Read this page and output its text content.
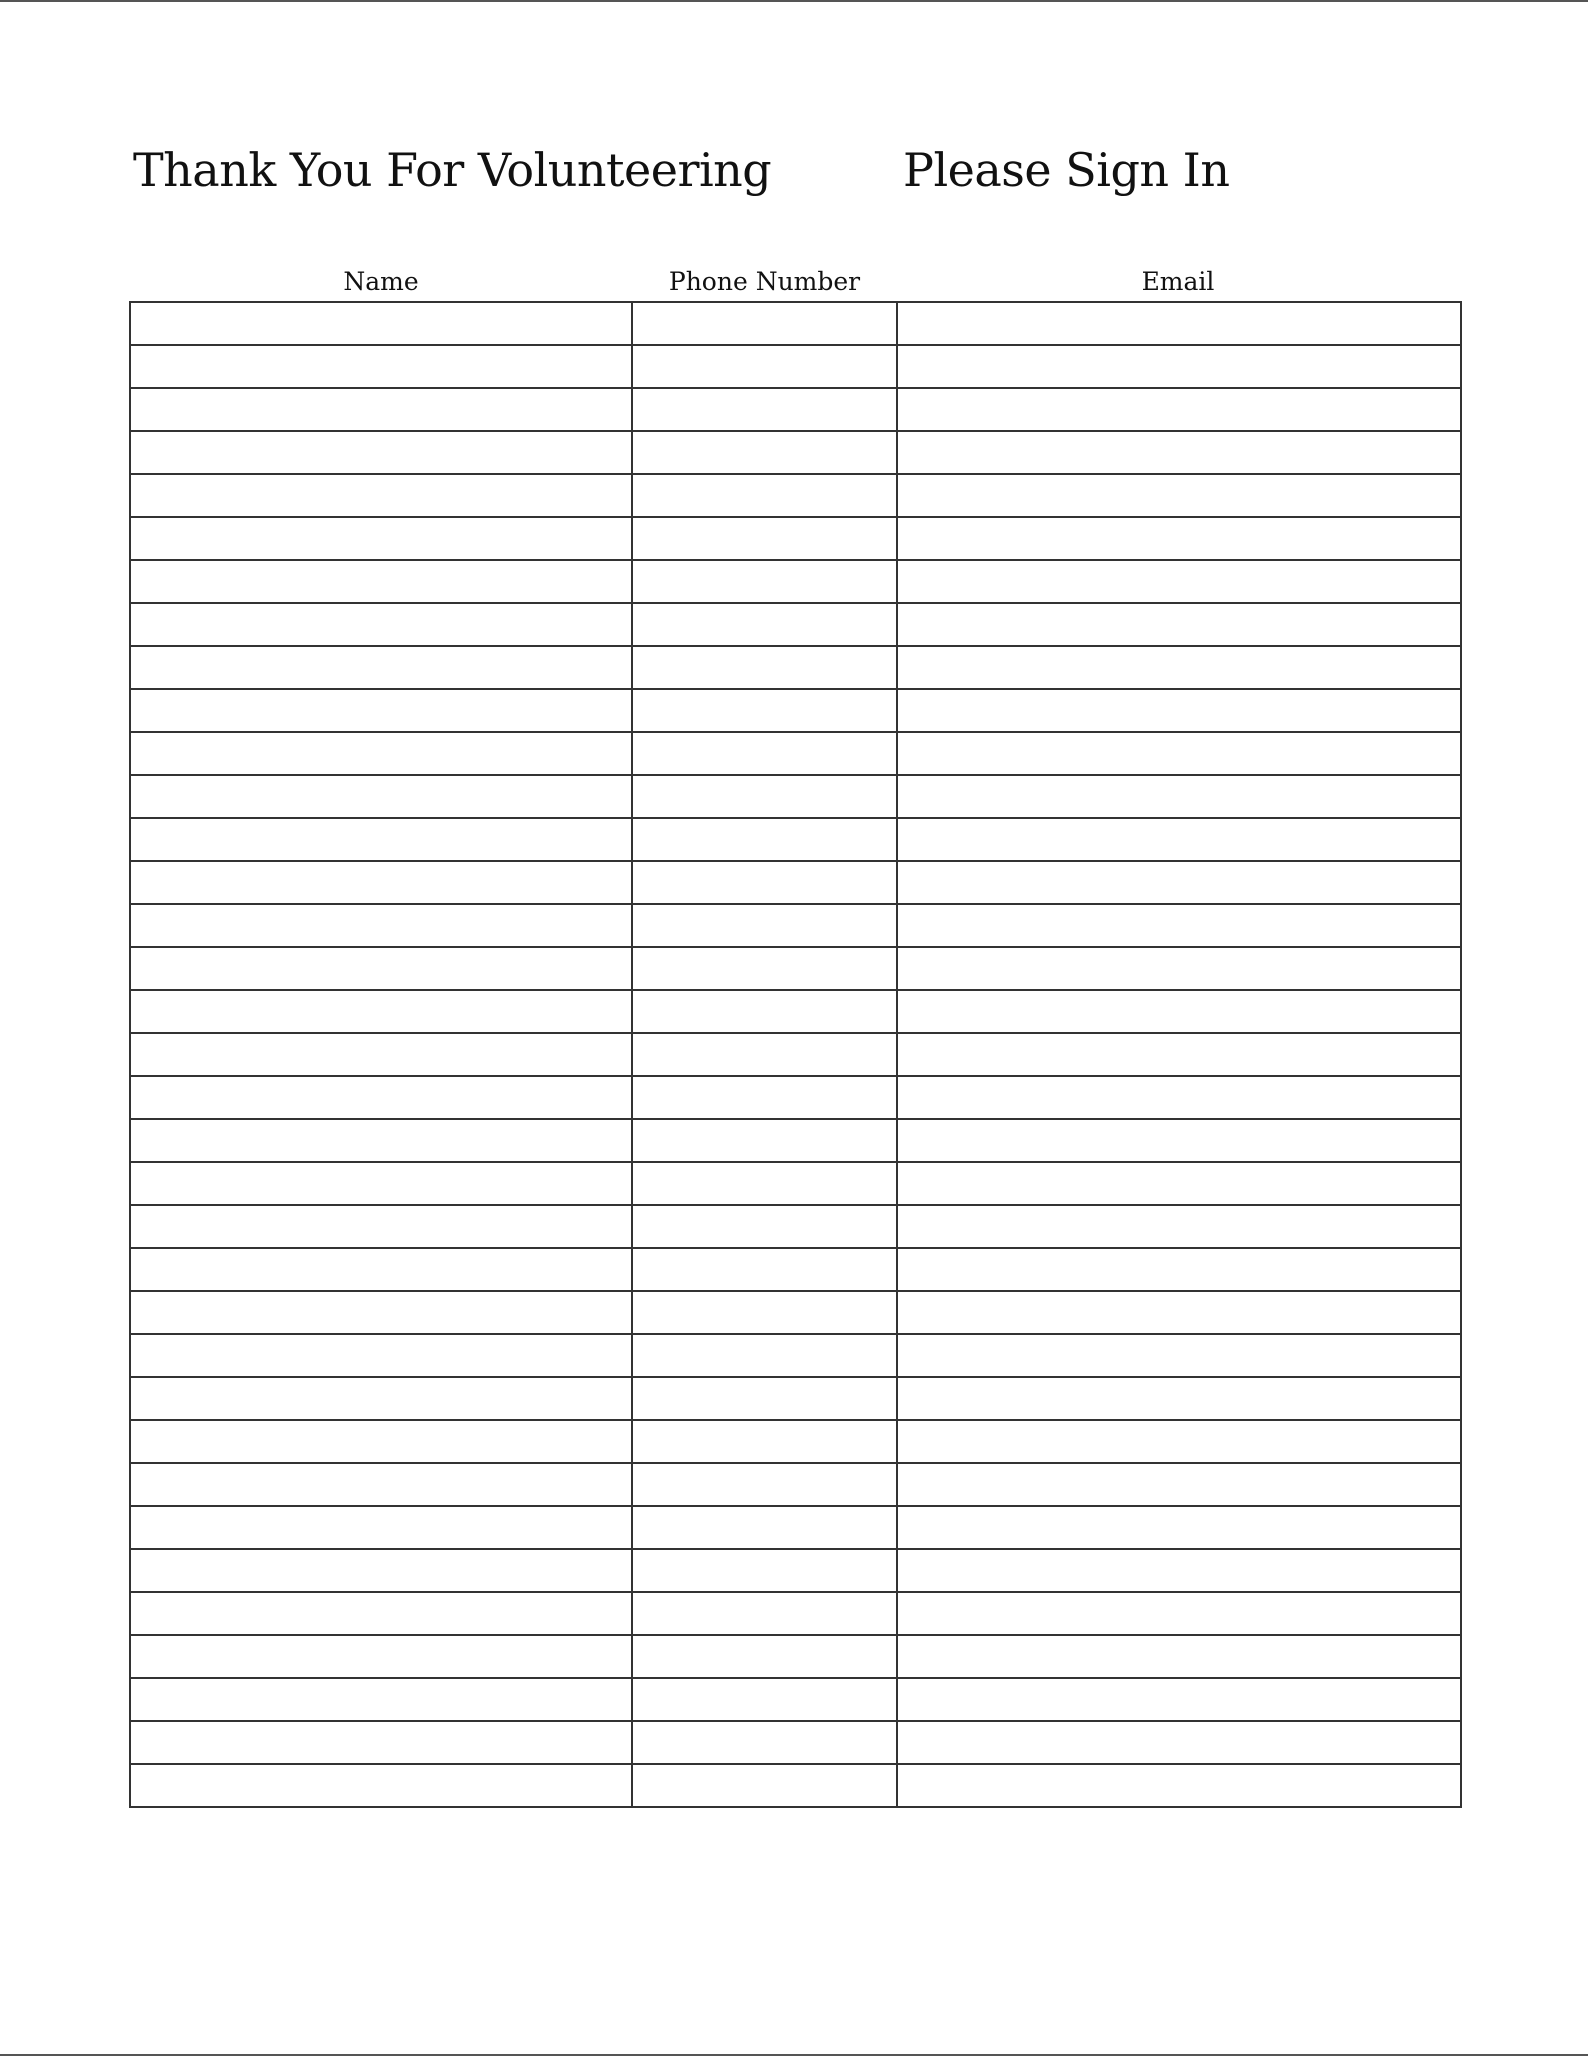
Thank You For Volunteering	Please Sign In
Name	Phone Number	Email
